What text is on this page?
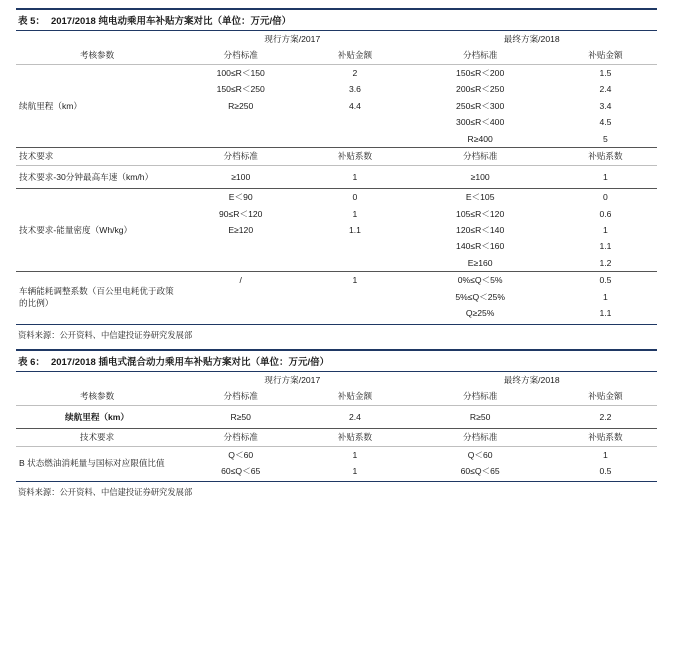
表 5： 2017/2018 纯电动乘用车补贴方案对比（单位：万元/倍）
	现行方案/2017		最终方案/2018	
考核参数	分档标准	补贴金额	分档标准	补贴金额
续航里程（km）	100≤R＜150	2	150≤R＜200	1.5
	150≤R＜250	3.6	200≤R＜250	2.4
	R≥250	4.4	250≤R＜300	3.4
			300≤R＜400	4.5
			R≥400	5
技术要求	分档标准	补贴系数	分档标准	补贴系数
技术要求-30分钟最高车速（km/h）	≥100	1	≥100	1
技术要求-能量密度（Wh/kg）	E＜90	0	E＜105	0
	90≤R＜120	1	105≤R＜120	0.6
	E≥120	1.1	120≤R＜140	1
			140≤R＜160	1.1
			E≥160	1.2
车辆能耗调整系数（百公里电耗优于政策的比例）	/	1	0%≤Q＜5%	0.5
			5%≤Q＜25%	1
			Q≥25%	1.1
资料来源：公开资料、中信建投证券研究发展部
表 6： 2017/2018 插电式混合动力乘用车补贴方案对比（单位：万元/倍）
	现行方案/2017		最终方案/2018	
考核参数	分档标准	补贴金额	分档标准	补贴金额
续航里程（km）	R≥50	2.4	R≥50	2.2
技术要求	分档标准	补贴系数	分档标准	补贴系数
B 状态燃油消耗量与国标对应限值比值	Q＜60	1	Q＜60	1
	60≤Q＜65	1	60≤Q＜65	0.5
资料来源：公开资料、中信建投证券研究发展部
